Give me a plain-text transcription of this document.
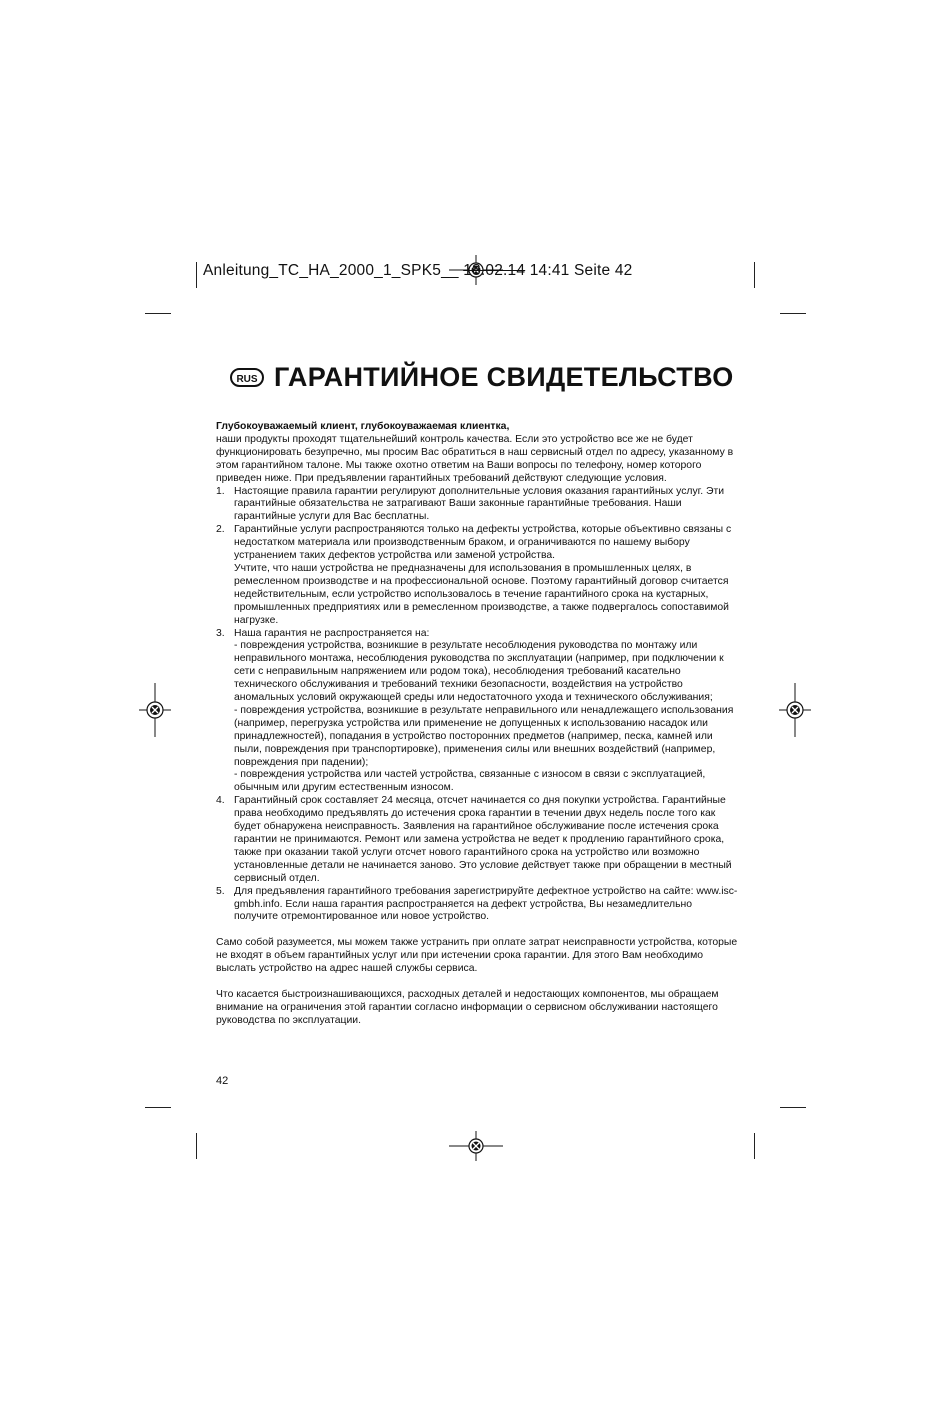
Anleitung_TC_HA_2000_1_SPK5__ 18.02.14 14:41 Seite 42
RUS ГАРАНТИЙНОЕ СВИДЕТЕЛЬСТВО

Глубокоуважаемый клиент, глубокоуважаемая клиентка,

наши продукты проходят тщательнейший контроль качества. Если это устройство все же не будет функционировать безупречно, мы просим Вас обратиться в наш сервисный отдел по адресу, указанному в этом гарантийном талоне. Мы также охотно ответим на Ваши вопросы по телефону, номер которого приведен ниже. При предъявлении гарантийных требований действуют следующие условия.

1. Настоящие правила гарантии регулируют дополнительные условия оказания гарантийных услуг. Эти гарантийные обязательства не затрагивают Ваши законные гарантийные требования. Наши гарантийные услуги для Вас бесплатны.

2. Гарантийные услуги распространяются только на дефекты устройства, которые объективно связаны с недостатком материала или производственным браком, и ограничиваются по нашему выбору устранением таких дефектов устройства или заменой устройства.

Учтите, что наши устройства не предназначены для использования в промышленных целях, в ремесленном производстве и на профессиональной основе. Поэтому гарантийный договор считается недействительным, если устройство использовалось в течение гарантийного срока на кустарных, промышленных предприятиях или в ремесленном производстве, а также подвергалось сопоставимой нагрузке.

3. Наша гарантия не распространяется на:

- повреждения устройства, возникшие в результате несоблюдения руководства по монтажу или неправильного монтажа, несоблюдения руководства по эксплуатации (например, при подключении к сети с неправильным напряжением или родом тока), несоблюдения требований касательно технического обслуживания и требований техники безопасности, воздействия на устройство аномальных условий окружающей среды или недостаточного ухода и технического обслуживания;

- повреждения устройства, возникшие в результате неправильного или ненадлежащего использования (например, перегрузка устройства или применение не допущенных к использованию насадок или принадлежностей), попадания в устройство посторонних предметов (например, песка, камней или пыли, повреждения при транспортировке), применения силы или внешних воздействий (например, повреждения при падении);

- повреждения устройства или частей устройства, связанные с износом в связи с эксплуатацией, обычным или другим естественным износом.

4. Гарантийный срок составляет 24 месяца, отсчет начинается со дня покупки устройства. Гарантийные права необходимо предъявлять до истечения срока гарантии в течении двух недель после того как будет обнаружена неисправность. Заявления на гарантийное обслуживание после истечения срока гарантии не принимаются. Ремонт или замена устройства не ведет к продлению гарантийного срока, также при оказании такой услуги отсчет нового гарантийного срока на устройство или возможно установленные детали не начинается заново. Это условие действует также при обращении в местный сервисный отдел.

5. Для предъявления гарантийного требования зарегистрируйте дефектное устройство на сайте: www.isc-gmbh.info. Если наша гарантия распространяется на дефект устройства, Вы незамедлительно получите отремонтированное или новое устройство.

Само собой разумеется, мы можем также устранить при оплате затрат неисправности устройства, которые не входят в объем гарантийных услуг или при истечении срока гарантии. Для этого Вам необходимо выслать устройство на адрес нашей службы сервиса.

Что касается быстроизнашивающихся, расходных деталей и недостающих компонентов, мы обращаем внимание на ограничения этой гарантии согласно информации о сервисном обслуживании настоящего руководства по эксплуатации.

42
